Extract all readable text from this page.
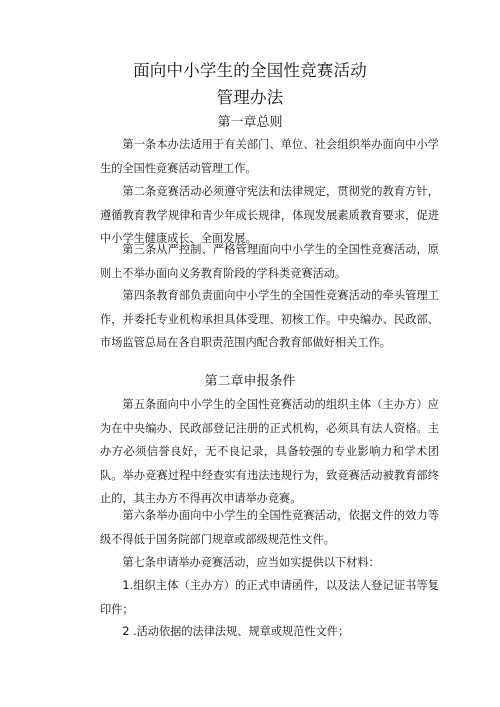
面向中小学生的全国性竞赛活动
管理办法
第一章总则

第一条本办法适用于有关部门、单位、社会组织举办面向中小学生的全国性竞赛活动管理工作。

第二条竞赛活动必须遵守宪法和法律规定，贯彻党的教育方针，遵循教育教学规律和青少年成长规律，体现发展素质教育要求，促进中小学生健康成长、全面发展。

第三条从严控制、严格管理面向中小学生的全国性竞赛活动，原则上不举办面向义务教育阶段的学科类竞赛活动。

第四条教育部负责面向中小学生的全国性竞赛活动的牵头管理工作，并委托专业机构承担具体受理、初核工作。中央编办、民政部、市场监管总局在各自职责范围内配合教育部做好相关工作。

第二章申报条件

第五条面向中小学生的全国性竞赛活动的组织主体（主办方）应为在中央编办、民政部登记注册的正式机构，必须具有法人资格。主办方必须信誉良好，无不良记录，具备较强的专业影响力和学术团队。举办竞赛过程中经查实有违法违规行为，致竞赛活动被教育部终止的，其主办方不得再次申请举办竞赛。

第六条举办面向中小学生的全国性竞赛活动，依据文件的效力等级不得低于国务院部门规章或部级规范性文件。

第七条申请举办竞赛活动，应当如实提供以下材料：

1.组织主体（主办方）的正式申请函件，以及法人登记证书等复印件；

2 .活动依据的法律法规、规章或规范性文件；
